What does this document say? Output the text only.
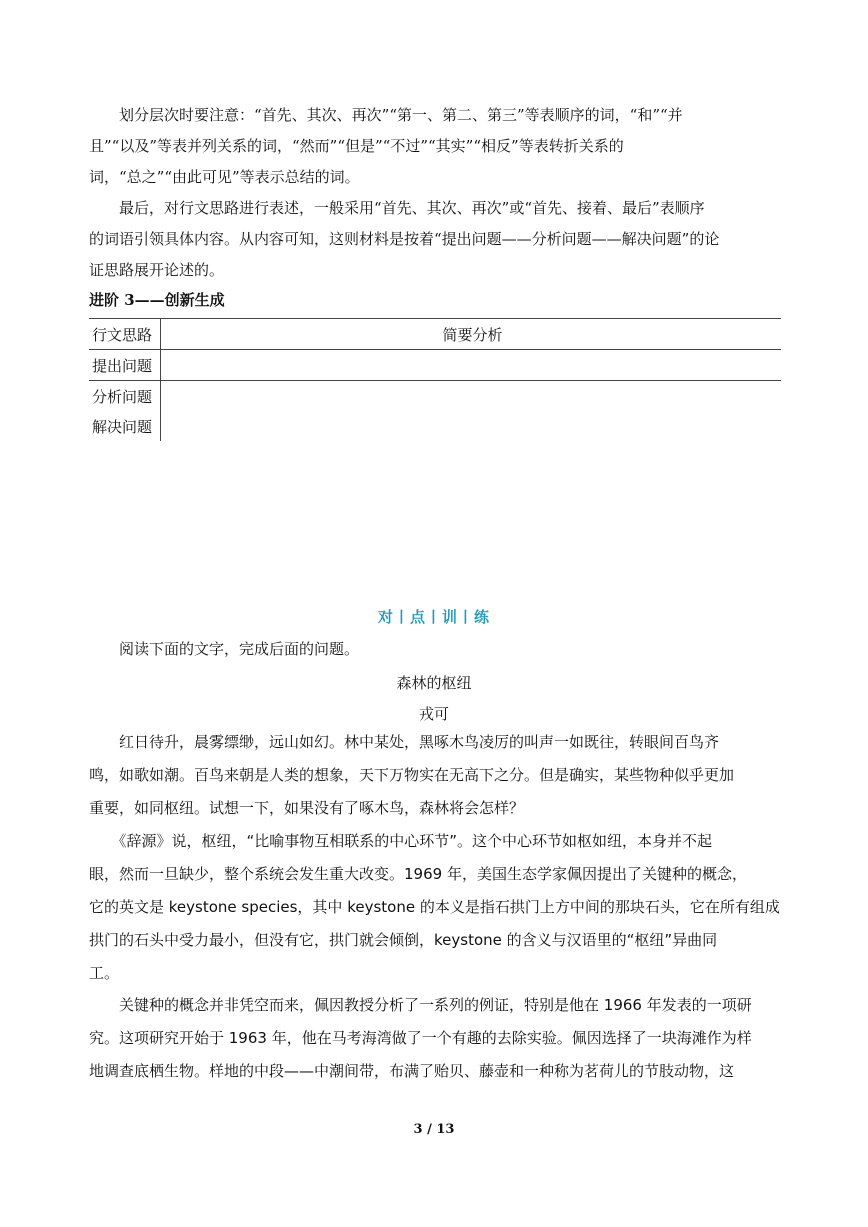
　　划分层次时要注意：“首先、其次、再次”“第一、第二、第三”等表顺序的词，“和”“并
且”“以及”等表并列关系的词，“然而”“但是”“不过”“其实”“相反”等表转折关系的
词，“总之”“由此可见”等表示总结的词。
　　最后，对行文思路进行表述，一般采用“首先、其次、再次”或“首先、接着、最后”表顺序
的词语引领具体内容。从内容可知，这则材料是按着“提出问题——分析问题——解决问题”的论
证思路展开论述的。
进阶 3——创新生成
行文思路	简要分析
提出问题	
分析问题	
解决问题	
对丨点丨训丨练
　　阅读下面的文字，完成后面的问题。
森林的枢纽
戎可
　　红日待升，晨雾缥缈，远山如幻。林中某处，黑啄木鸟凌厉的叫声一如既往，转眼间百鸟齐
鸣，如歌如潮。百鸟来朝是人类的想象，天下万物实在无高下之分。但是确实，某些物种似乎更加
重要，如同枢纽。试想一下，如果没有了啄木鸟，森林将会怎样？
　　《辞源》说，枢纽，“比喻事物互相联系的中心环节”。这个中心环节如枢如纽，本身并不起
眼，然而一旦缺少，整个系统会发生重大改变。1969 年，美国生态学家佩因提出了关键种的概念，
它的英文是 keystone species，其中 keystone 的本义是指石拱门上方中间的那块石头，它在所有组成
拱门的石头中受力最小，但没有它，拱门就会倾倒，keystone 的含义与汉语里的“枢纽”异曲同
工。
　　关键种的概念并非凭空而来，佩因教授分析了一系列的例证，特别是他在 1966 年发表的一项研
究。这项研究开始于 1963 年，他在马考海湾做了一个有趣的去除实验。佩因选择了一块海滩作为样
地调查底栖生物。样地的中段——中潮间带，布满了贻贝、藤壶和一种称为茗荷儿的节肢动物，这
3 / 13
